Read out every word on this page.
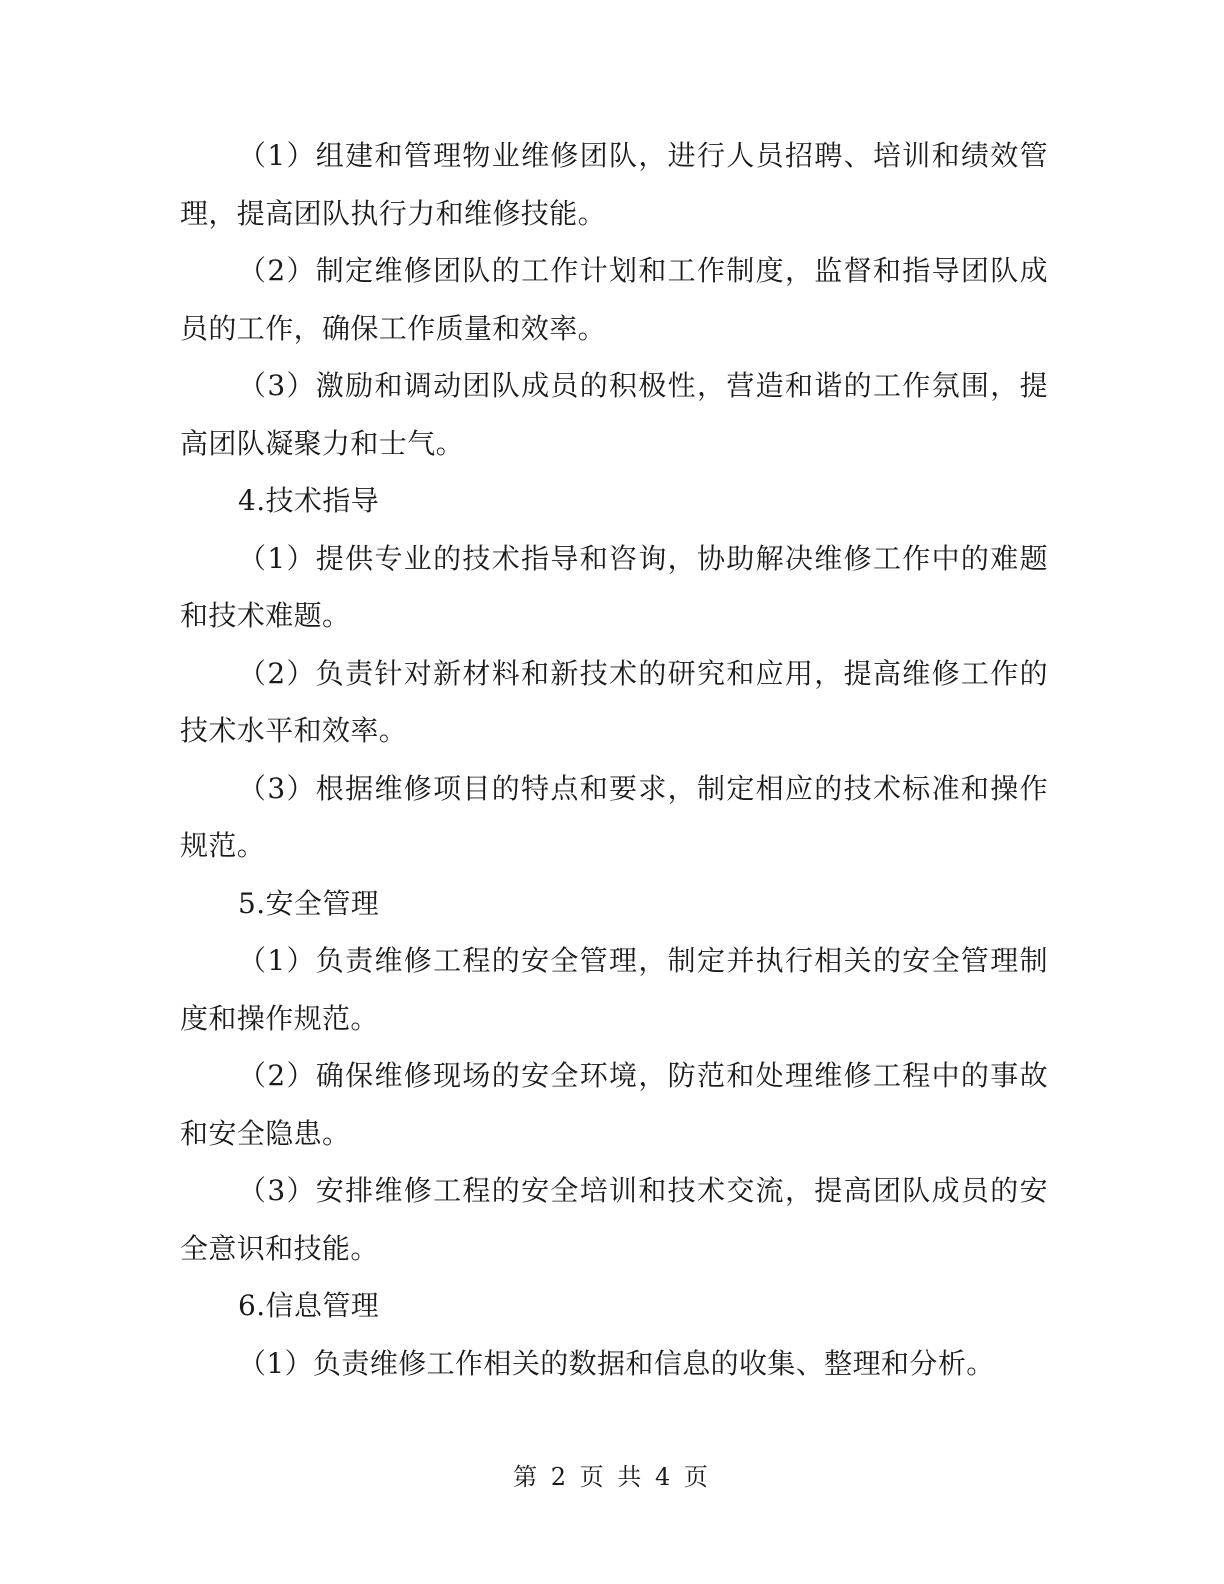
（1）组建和管理物业维修团队，进行人员招聘、培训和绩效管理，提高团队执行力和维修技能。

（2）制定维修团队的工作计划和工作制度，监督和指导团队成员的工作，确保工作质量和效率。

（3）激励和调动团队成员的积极性，营造和谐的工作氛围，提高团队凝聚力和士气。

4.技术指导

（1）提供专业的技术指导和咨询，协助解决维修工作中的难题和技术难题。

（2）负责针对新材料和新技术的研究和应用，提高维修工作的技术水平和效率。

（3）根据维修项目的特点和要求，制定相应的技术标准和操作规范。

5.安全管理

（1）负责维修工程的安全管理，制定并执行相关的安全管理制度和操作规范。

（2）确保维修现场的安全环境，防范和处理维修工程中的事故和安全隐患。

（3）安排维修工程的安全培训和技术交流，提高团队成员的安全意识和技能。

6.信息管理

（1）负责维修工作相关的数据和信息的收集、整理和分析。

第 2 页 共 4 页
